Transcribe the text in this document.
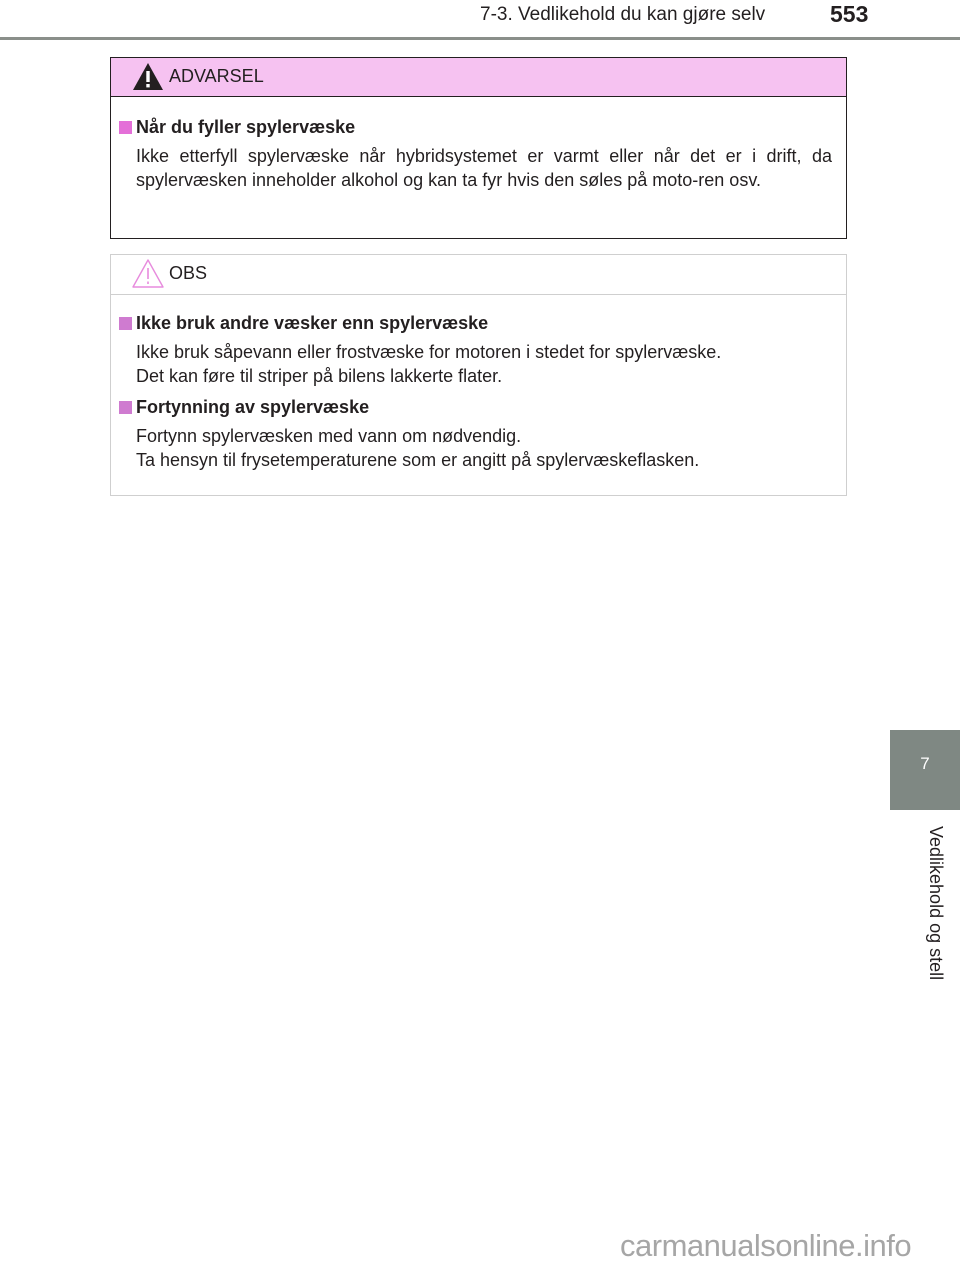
7-3. Vedlikehold du kan gjøre selv	553
ADVARSEL
Når du fyller spylervæske

Ikke etterfyll spylervæske når hybridsystemet er varmt eller når det er i drift, da spylervæsken inneholder alkohol og kan ta fyr hvis den søles på moto-ren osv.

OBS
Ikke bruk andre væsker enn spylervæske

Ikke bruk såpevann eller frostvæske for motoren i stedet for spylervæske.

Det kan føre til striper på bilens lakkerte flater.

Fortynning av spylervæske

Fortynn spylervæsken med vann om nødvendig.

Ta hensyn til frysetemperaturene som er angitt på spylervæskeflasken.

7
Vedlikehold og stell
carmanualsonline.info
